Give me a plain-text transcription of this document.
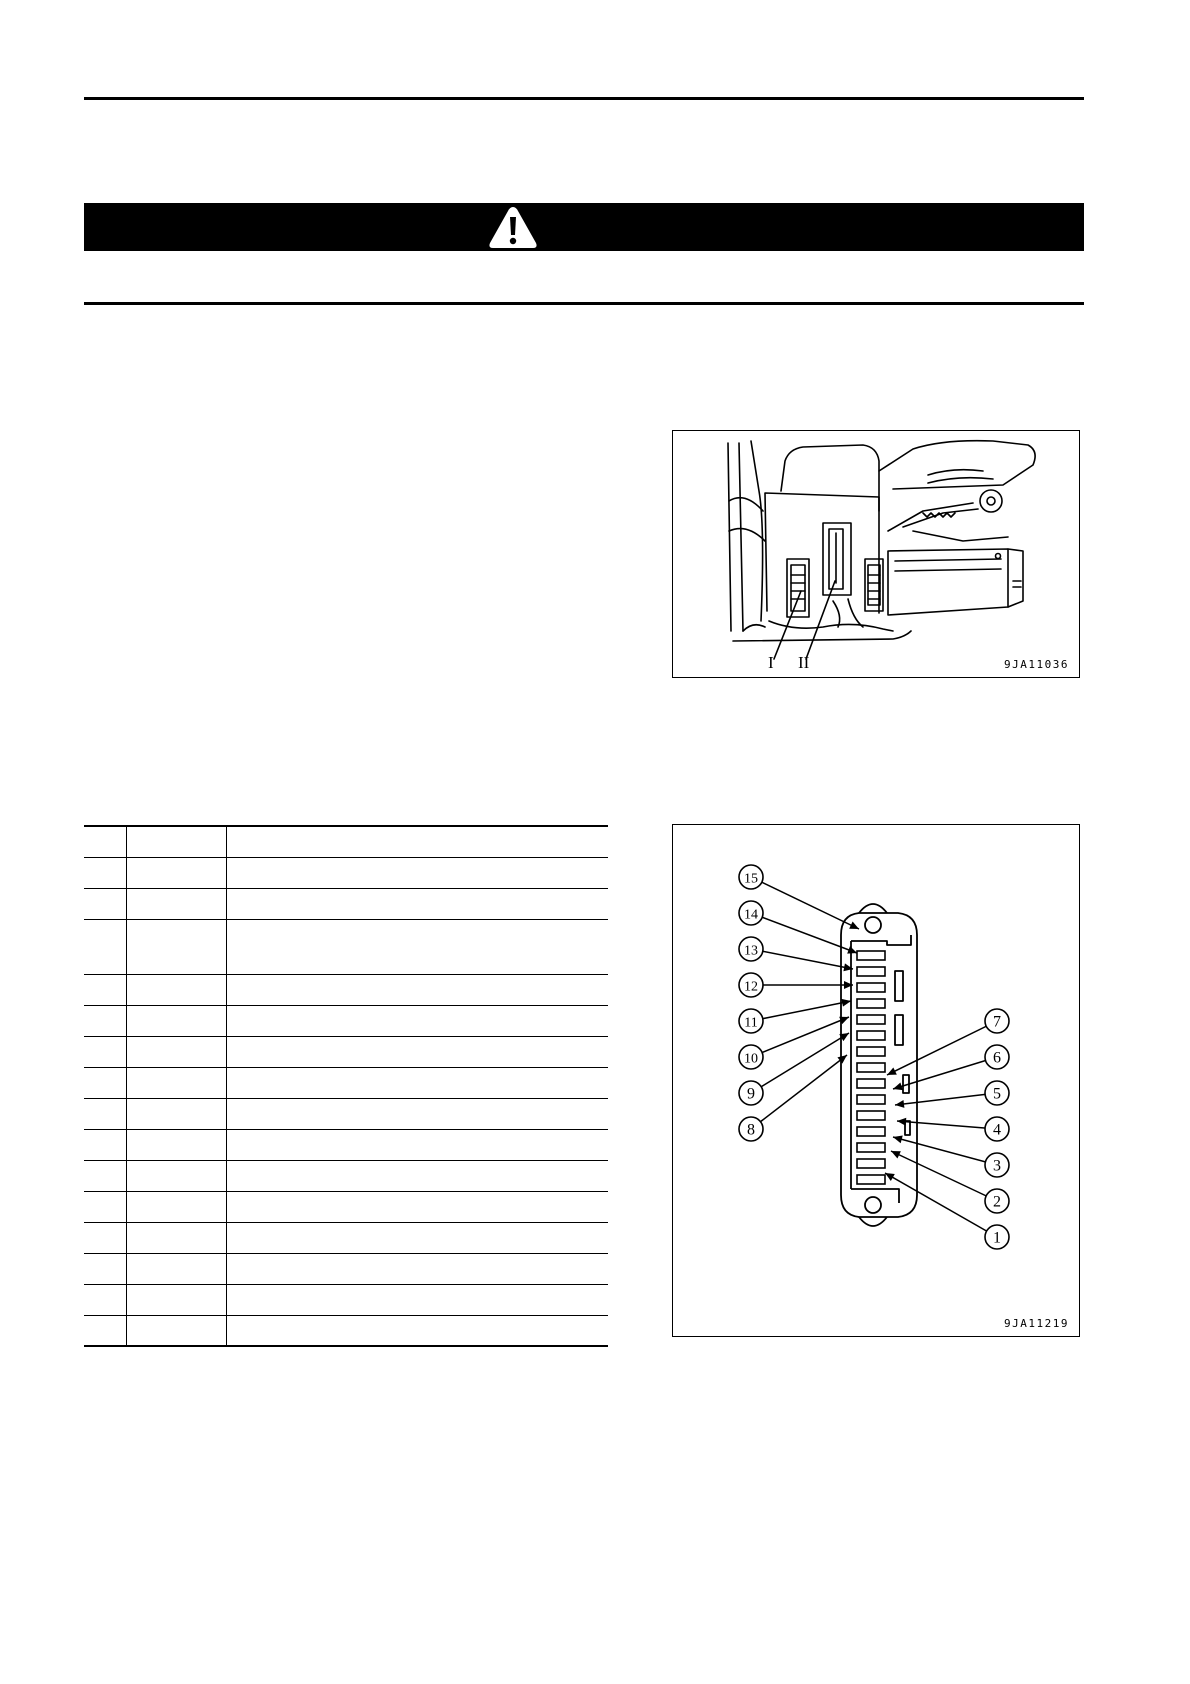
I II	9JA11036

15
14
13
12
11
10
9
8
7
6
5
4
3
2
1
9JA11219
